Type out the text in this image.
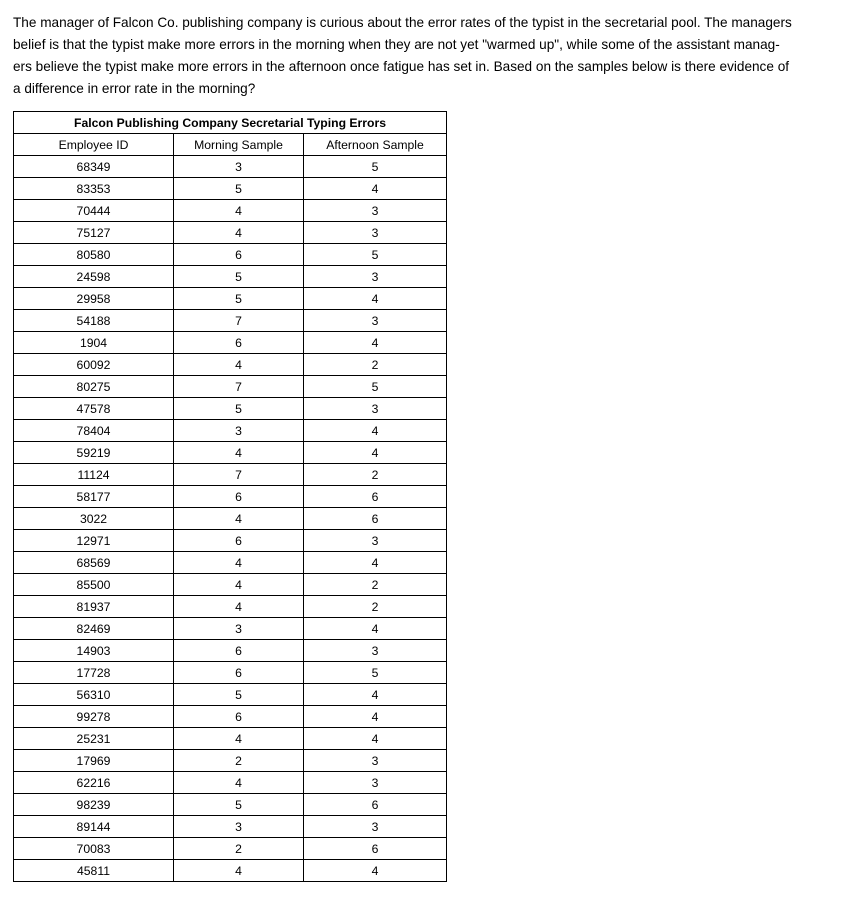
The manager of Falcon Co. publishing company is curious about the error rates of the typist in the secretarial pool. The managers
belief is that the typist make more errors in the morning when they are not yet "warmed up", while some of the assistant manag-
ers believe the typist make more errors in the afternoon once fatigue has set in. Based on the samples below is there evidence of
a difference in error rate in the morning?

Falcon Publishing Company Secretarial Typing Errors		
Employee ID	Morning Sample	Afternoon Sample
68349	3	5
83353	5	4
70444	4	3
75127	4	3
80580	6	5
24598	5	3
29958	5	4
54188	7	3
1904	6	4
60092	4	2
80275	7	5
47578	5	3
78404	3	4
59219	4	4
11124	7	2
58177	6	6
3022	4	6
12971	6	3
68569	4	4
85500	4	2
81937	4	2
82469	3	4
14903	6	3
17728	6	5
56310	5	4
99278	6	4
25231	4	4
17969	2	3
62216	4	3
98239	5	6
89144	3	3
70083	2	6
45811	4	4
